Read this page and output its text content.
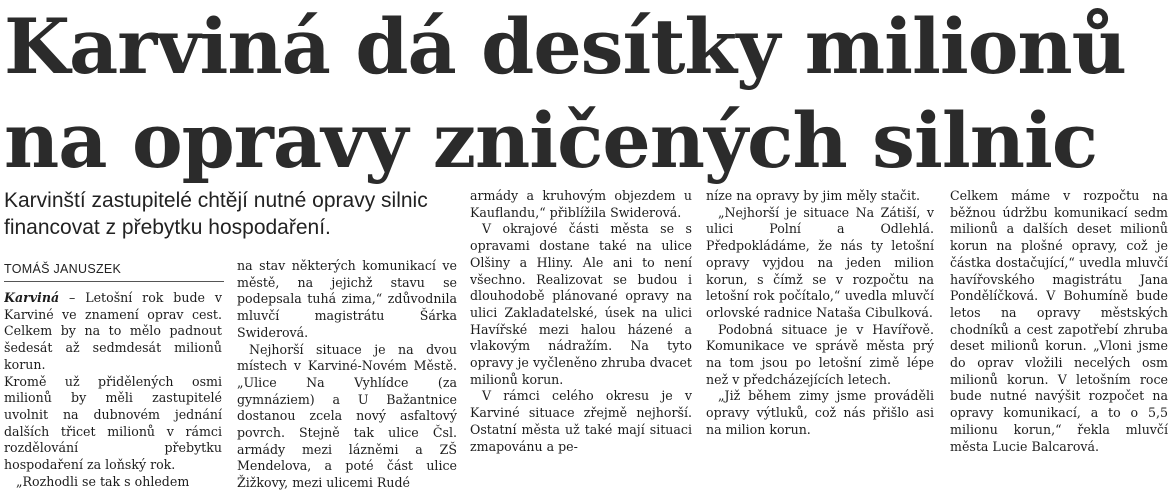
Karviná dá desítky milionů
na opravy zničených silnic

Karvinští zastupitelé chtějí nutné opravy silnic financovat z přebytku hospodaření.

TOMÁŠ JANUSZEK

Karviná – Letošní rok bude v Karviné ve znamení oprav cest. Celkem by na to mělo padnout šedesát až sedmdesát milionů korun.

Kromě už přidělených osmi milionů by měli zastupitelé uvolnit na dubnovém jednání dalších třicet milionů v rámci rozdělování přebytku hospodaření za loňský rok.

„Rozhodli se tak s ohledem

na stav některých komunikací ve městě, na jejichž stavu se podepsala tuhá zima,“ zdůvodnila mluvčí magistrátu Šárka Swiderová.

Nejhorší situace je na dvou místech v Karviné-Novém Městě. „Ulice Na Vyhlídce (za gymnáziem) a U Bažantnice dostanou zcela nový asfaltový povrch. Stejně tak ulice Čsl. armády mezi lázněmi a ZŠ Mendelova, a poté část ulice Žižkovy, mezi ulicemi Rudé

armády a kruhovým objezdem u Kauflandu,“ přiblížila Swiderová.

V okrajové části města se s opravami dostane také na ulice Olšiny a Hliny. Ale ani to není všechno. Realizovat se budou i dlouhodobě plánované opravy na ulici Zakladatelské, úsek na ulici Havířské mezi halou házené a vlakovým nádražím. Na tyto opravy je vyčleněno zhruba dvacet milionů korun.

V rámci celého okresu je v Karviné situace zřejmě nejhorší. Ostatní města už také mají situaci zmapovánu a pe-

níze na opravy by jim měly stačit.

„Nejhorší je situace Na Zátiší, v ulici Polní a Odlehlá. Předpokládáme, že nás ty letošní opravy vyjdou na jeden milion korun, s čímž se v rozpočtu na letošní rok počítalo,“ uvedla mluvčí orlovské radnice Nataša Cibulková.

Podobná situace je v Havířově. Komunikace ve správě města prý na tom jsou po letošní zimě lépe než v předcházejících letech.

„Již během zimy jsme prováděli opravy výtluků, což nás přišlo asi na milion korun.

Celkem máme v rozpočtu na běžnou údržbu komunikací sedm milionů a dalších deset milionů korun na plošné opravy, což je částka dostačující,“ uvedla mluvčí havířovského magistrátu Jana Pondělíčková. V Bohumíně bude letos na opravy městských chodníků a cest zapotřebí zhruba deset milionů korun. „Vloni jsme do oprav vložili necelých osm milionů korun. V letošním roce bude nutné navýšit rozpočet na opravy komunikací, a to o 5,5 milionu korun,“ řekla mluvčí města Lucie Balcarová.
